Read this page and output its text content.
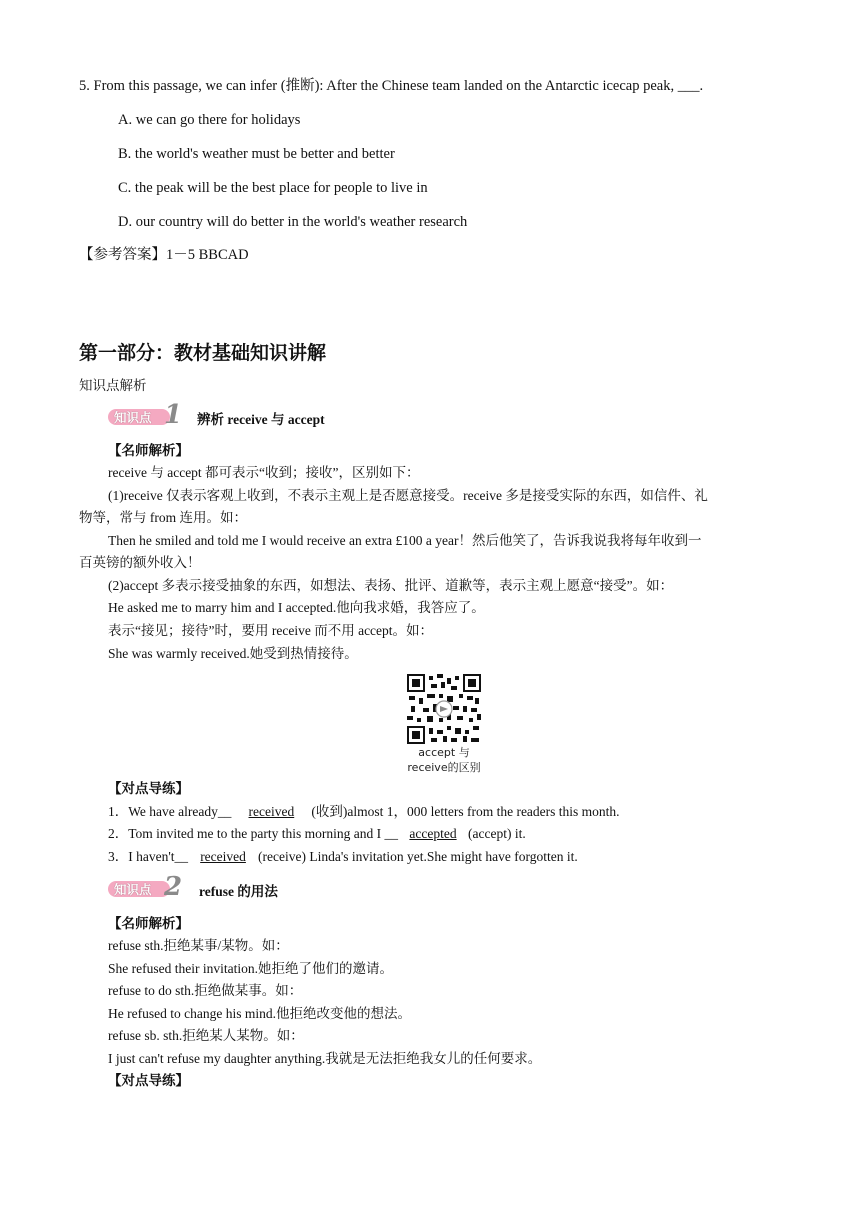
5. From this passage, we can infer (推断): After the Chinese team landed on the Antarctic icecap peak, ___.
A. we can go there for holidays
B. the world's weather must be better and better
C. the peak will be the best place for people to live in
D. our country will do better in the world's weather research
【参考答案】1－5 BBCAD
第一部分：教材基础知识讲解
知识点解析
知识点 1 辨析 receive 与 accept
【名师解析】
receive 与 accept 都可表示“收到；接收”，区别如下：
(1)receive 仅表示客观上收到，不表示主观上是否愿意接受。receive 多是接受实际的东西，如信件、礼
物等，常与 from 连用。如：
Then he smiled and told me I would receive an extra £100 a year！然后他笑了，告诉我说我将每年收到一
百英镑的额外收入！
(2)accept 多表示接受抽象的东西，如想法、表扬、批评、道歉等，表示主观上愿意“接受”。如：
He asked me to marry him and I accepted.他向我求婚，我答应了。
表示“接见；接待”时，要用 receive 而不用 accept。如：
She was warmly received.她受到热情接待。
accept 与
receive的区别
【对点导练】
1．We have already__ received (收到)almost 1，000 letters from the readers this month.
2．Tom invited me to the party this morning and I __ accepted (accept) it.
3．I haven't__ received (receive) Linda's invitation yet.She might have forgotten it.
知识点 2 refuse 的用法
【名师解析】
refuse sth.拒绝某事/某物。如：
She refused their invitation.她拒绝了他们的邀请。
refuse to do sth.拒绝做某事。如：
He refused to change his mind.他拒绝改变他的想法。
refuse sb. sth.拒绝某人某物。如：
I just can't refuse my daughter anything.我就是无法拒绝我女儿的任何要求。
【对点导练】
